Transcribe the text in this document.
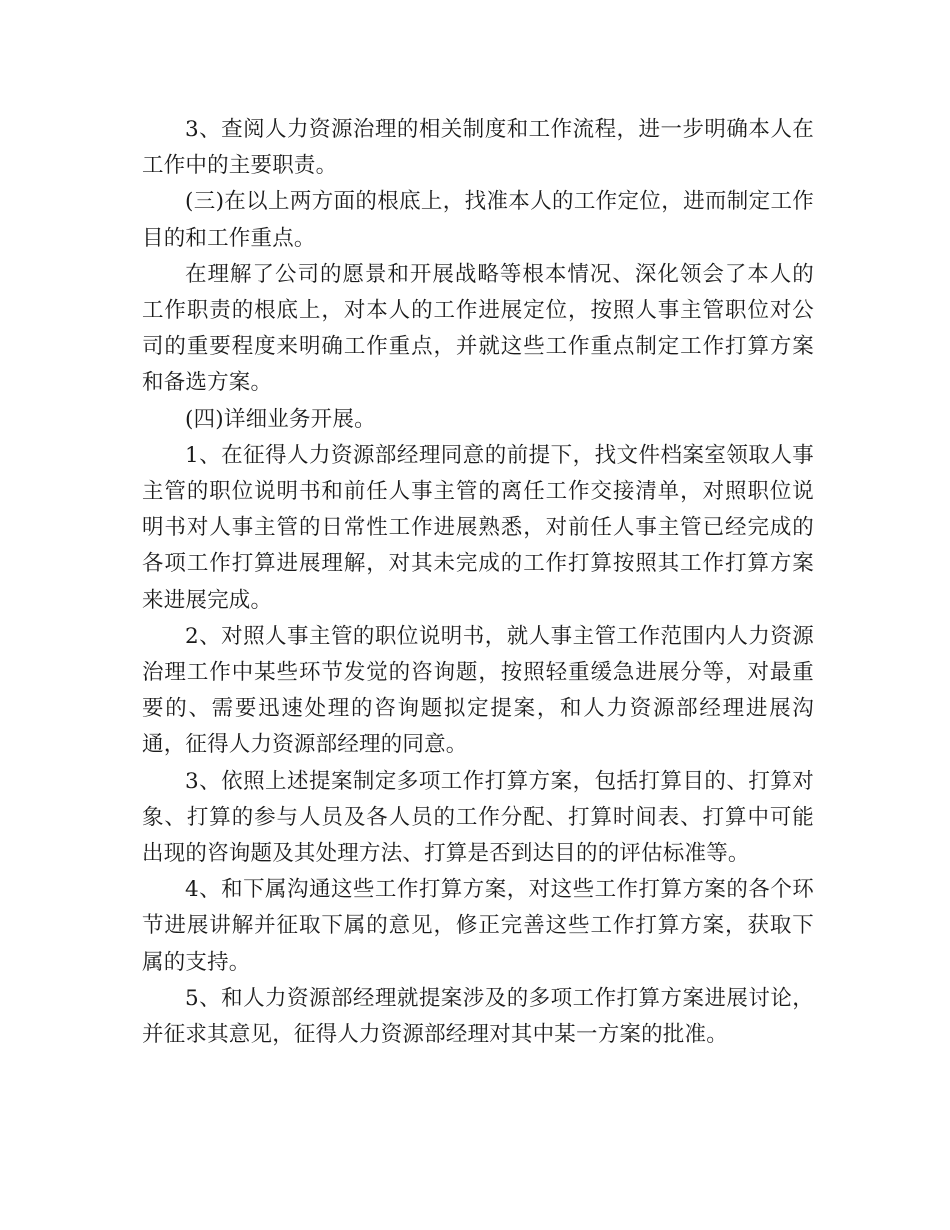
3、查阅人力资源治理的相关制度和工作流程，进一步明确本人在工作中的主要职责。

(三)在以上两方面的根底上，找准本人的工作定位，进而制定工作目的和工作重点。

在理解了公司的愿景和开展战略等根本情况、深化领会了本人的工作职责的根底上，对本人的工作进展定位，按照人事主管职位对公司的重要程度来明确工作重点，并就这些工作重点制定工作打算方案和备选方案。

(四)详细业务开展。

1、在征得人力资源部经理同意的前提下，找文件档案室领取人事主管的职位说明书和前任人事主管的离任工作交接清单，对照职位说明书对人事主管的日常性工作进展熟悉，对前任人事主管已经完成的各项工作打算进展理解，对其未完成的工作打算按照其工作打算方案来进展完成。

2、对照人事主管的职位说明书，就人事主管工作范围内人力资源治理工作中某些环节发觉的咨询题，按照轻重缓急进展分等，对最重要的、需要迅速处理的咨询题拟定提案，和人力资源部经理进展沟通，征得人力资源部经理的同意。

3、依照上述提案制定多项工作打算方案，包括打算目的、打算对象、打算的参与人员及各人员的工作分配、打算时间表、打算中可能出现的咨询题及其处理方法、打算是否到达目的的评估标准等。

4、和下属沟通这些工作打算方案，对这些工作打算方案的各个环节进展讲解并征取下属的意见，修正完善这些工作打算方案，获取下属的支持。

5、和人力资源部经理就提案涉及的多项工作打算方案进展讨论，并征求其意见，征得人力资源部经理对其中某一方案的批准。
